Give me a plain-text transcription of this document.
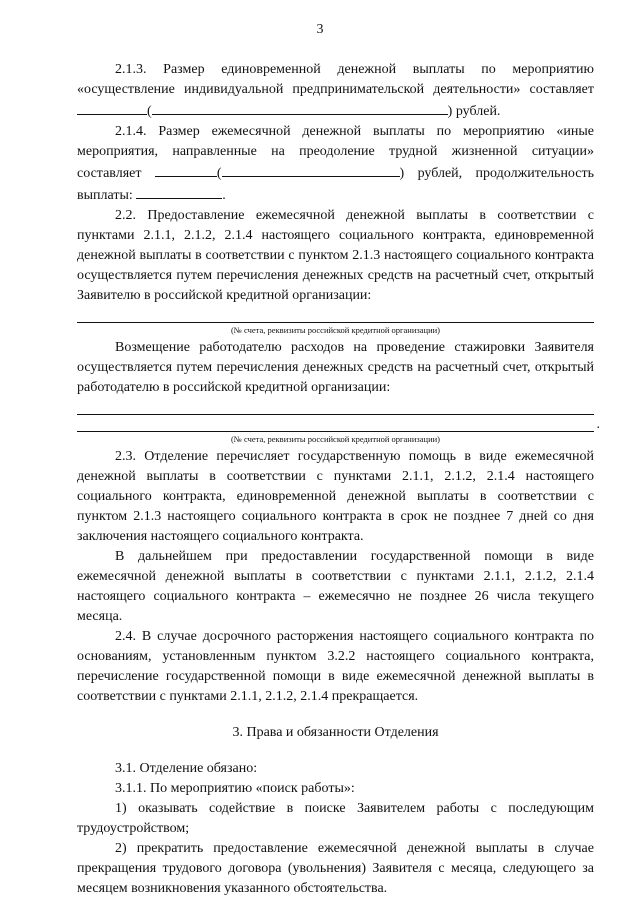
3

2.1.3. Размер единовременной денежной выплаты по мероприятию «осуществление индивидуальной предпринимательской деятельности» составляет (	) рублей.

2.1.4. Размер ежемесячной денежной выплаты по мероприятию «иные мероприятия, направленные на преодоление трудной жизненной ситуации» составляет	(	) рублей, продолжительность выплаты:	.

2.2. Предоставление ежемесячной денежной выплаты в соответствии с пунктами 2.1.1, 2.1.2, 2.1.4 настоящего социального контракта, единовременной денежной выплаты в соответствии с пунктом 2.1.3 настоящего социального контракта осуществляется путем перечисления денежных средств на расчетный счет, открытый Заявителю в российской кредитной организации:

(№ счета, реквизиты российской кредитной организации)

Возмещение работодателю расходов на проведение стажировки Заявителя осуществляется путем перечисления денежных средств на расчетный счет, открытый работодателю в российской кредитной организации:

.
(№ счета, реквизиты российской кредитной организации)

2.3. Отделение перечисляет государственную помощь в виде ежемесячной денежной выплаты в соответствии с пунктами 2.1.1, 2.1.2, 2.1.4 настоящего социального контракта, единовременной денежной выплаты в соответствии с пунктом 2.1.3 настоящего социального контракта в срок не позднее 7 дней со дня заключения настоящего социального контракта.

В дальнейшем при предоставлении государственной помощи в виде ежемесячной денежной выплаты в соответствии с пунктами 2.1.1, 2.1.2, 2.1.4 настоящего социального контракта – ежемесячно не позднее 26 числа текущего месяца.

2.4. В случае досрочного расторжения настоящего социального контракта по основаниям, установленным пунктом 3.2.2 настоящего социального контракта, перечисление государственной помощи в виде ежемесячной денежной выплаты в соответствии с пунктами 2.1.1, 2.1.2, 2.1.4 прекращается.

3. Права и обязанности Отделения

3.1. Отделение обязано:

3.1.1. По мероприятию «поиск работы»:

1) оказывать содействие в поиске Заявителем работы с последующим трудоустройством;

2) прекратить предоставление ежемесячной денежной выплаты в случае прекращения трудового договора (увольнения) Заявителя с месяца, следующего за месяцем возникновения указанного обстоятельства.
